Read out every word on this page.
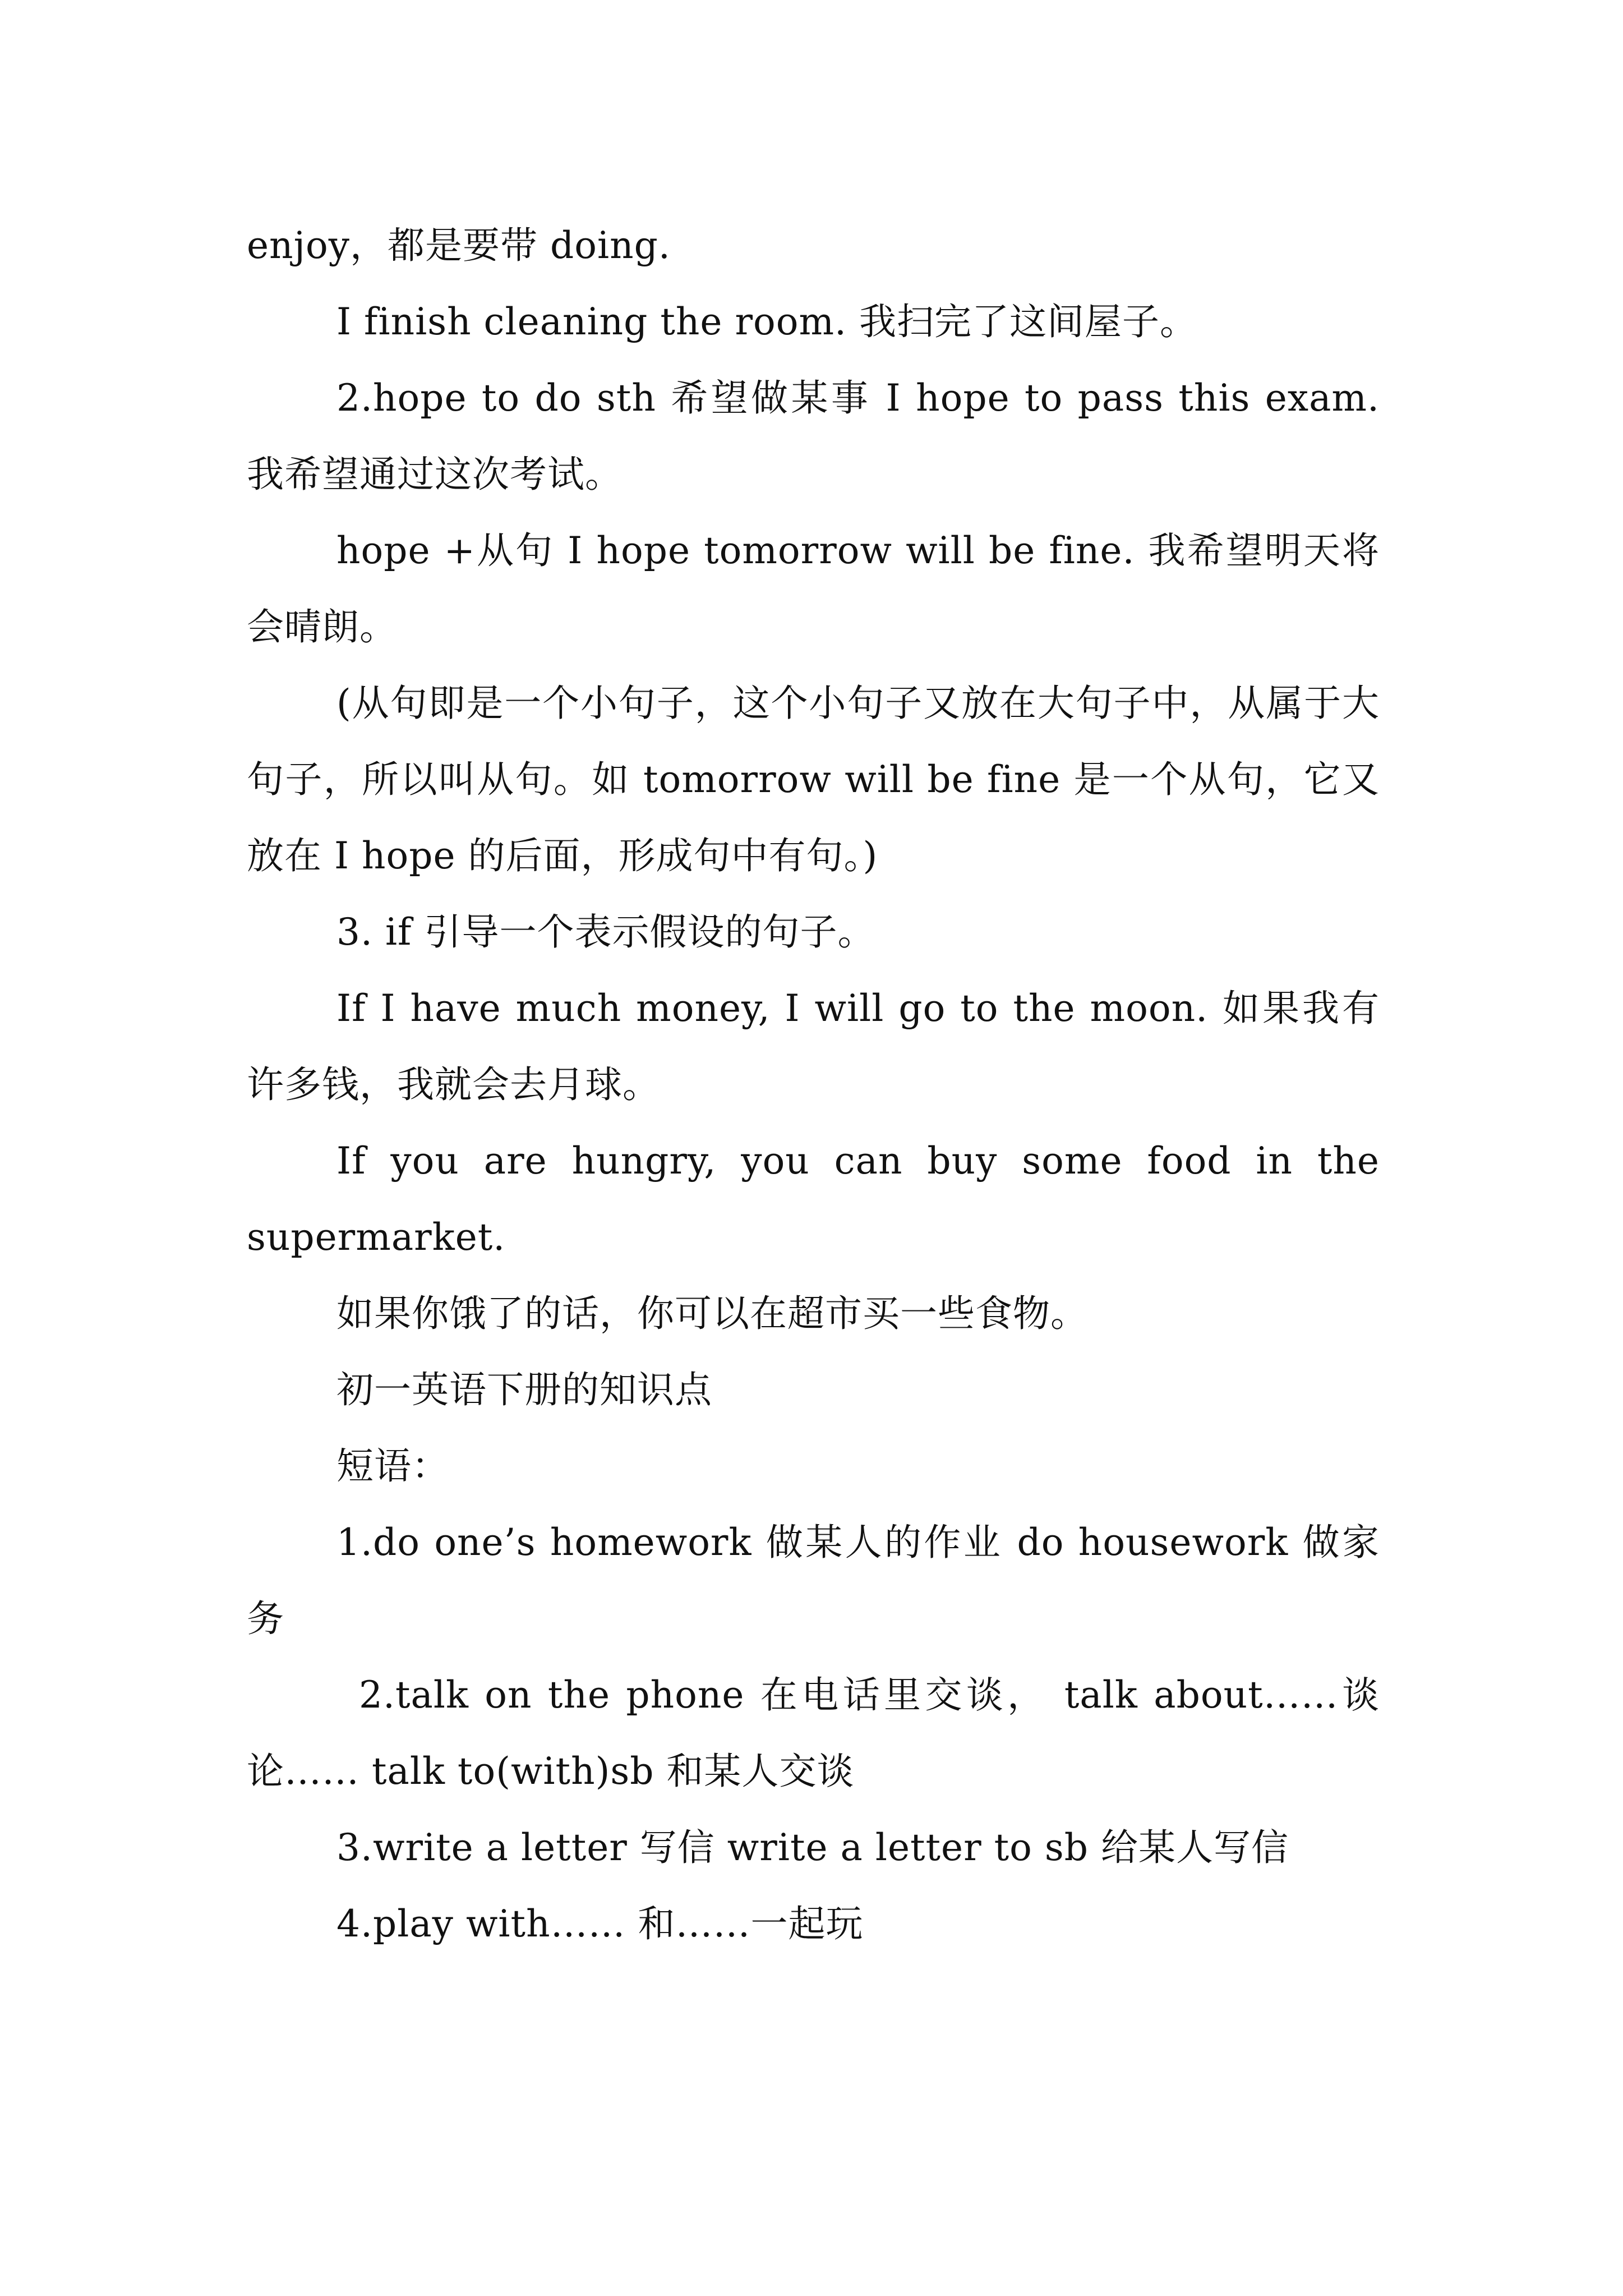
enjoy，都是要带 doing.

I finish cleaning the room. 我扫完了这间屋子。

2.hope to do sth 希望做某事 I hope to pass this exam. 我希望通过这次考试。

hope +从句 I hope tomorrow will be fine. 我希望明天将会晴朗。

(从句即是一个小句子，这个小句子又放在大句子中，从属于大句子，所以叫从句。如 tomorrow will be fine 是一个从句，它又放在 I hope 的后面，形成句中有句。)

3. if 引导一个表示假设的句子。

If I have much money, I will go to the moon. 如果我有许多钱，我就会去月球。

If you are hungry, you can buy some food in the supermarket.

如果你饿了的话，你可以在超市买一些食物。

初一英语下册的知识点

短语：

1.do one’s homework 做某人的作业 do housework 做家务

2.talk on the phone 在电话里交谈， talk about……谈论…… talk to(with)sb 和某人交谈

3.write a letter 写信 write a letter to sb 给某人写信

4.play with…… 和……一起玩
